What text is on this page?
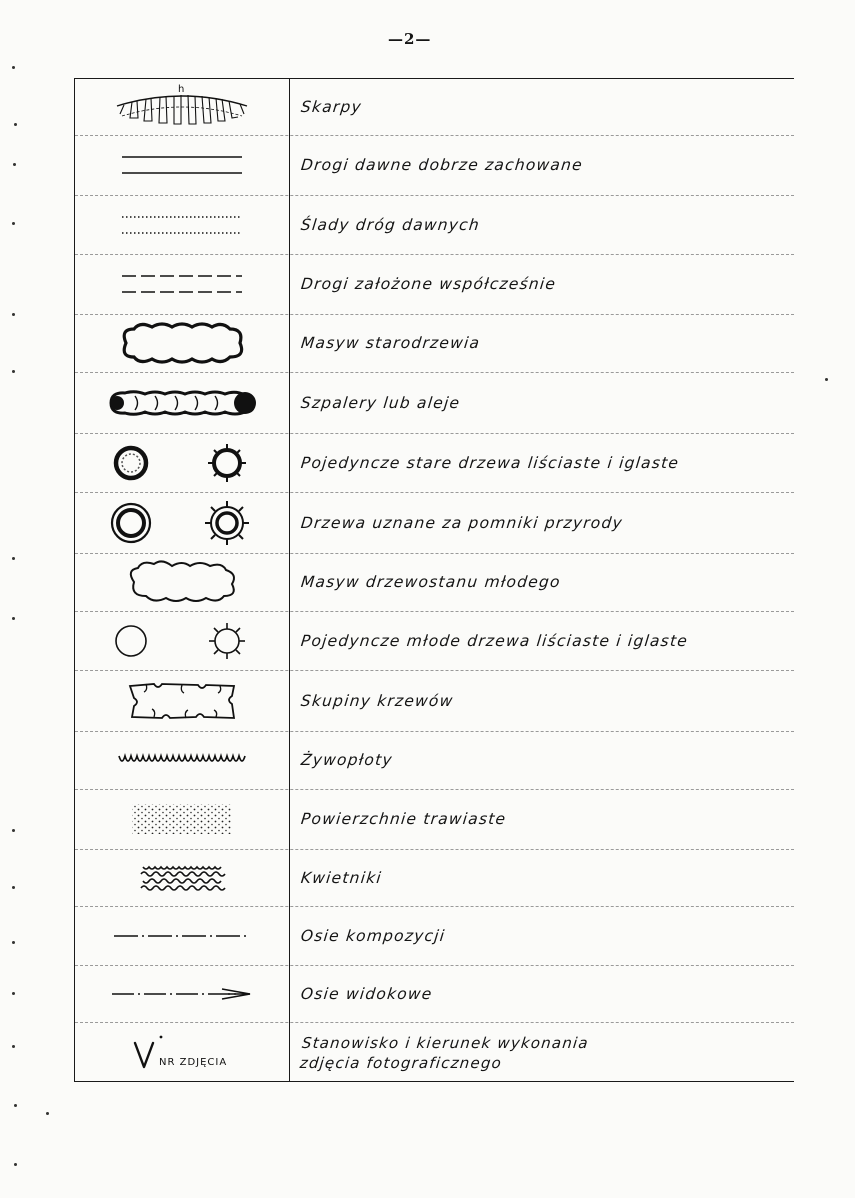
—2—
h
Skarpy
Drogi dawne dobrze zachowane
Ślady dróg dawnych
Drogi założone współcześnie
Masyw starodrzewia
Szpalery lub aleje
Pojedyncze stare drzewa liściaste i iglaste
Drzewa uznane za pomniki przyrody
Masyw drzewostanu młodego
Pojedyncze młode drzewa liściaste i iglaste
Skupiny krzewów
Żywopłoty
Powierzchnie trawiaste
Kwietniki
Osie kompozycji
Osie widokowe
NR ZDJĘCIA
Stanowisko i kierunek wykonania
zdjęcia fotograficznego
